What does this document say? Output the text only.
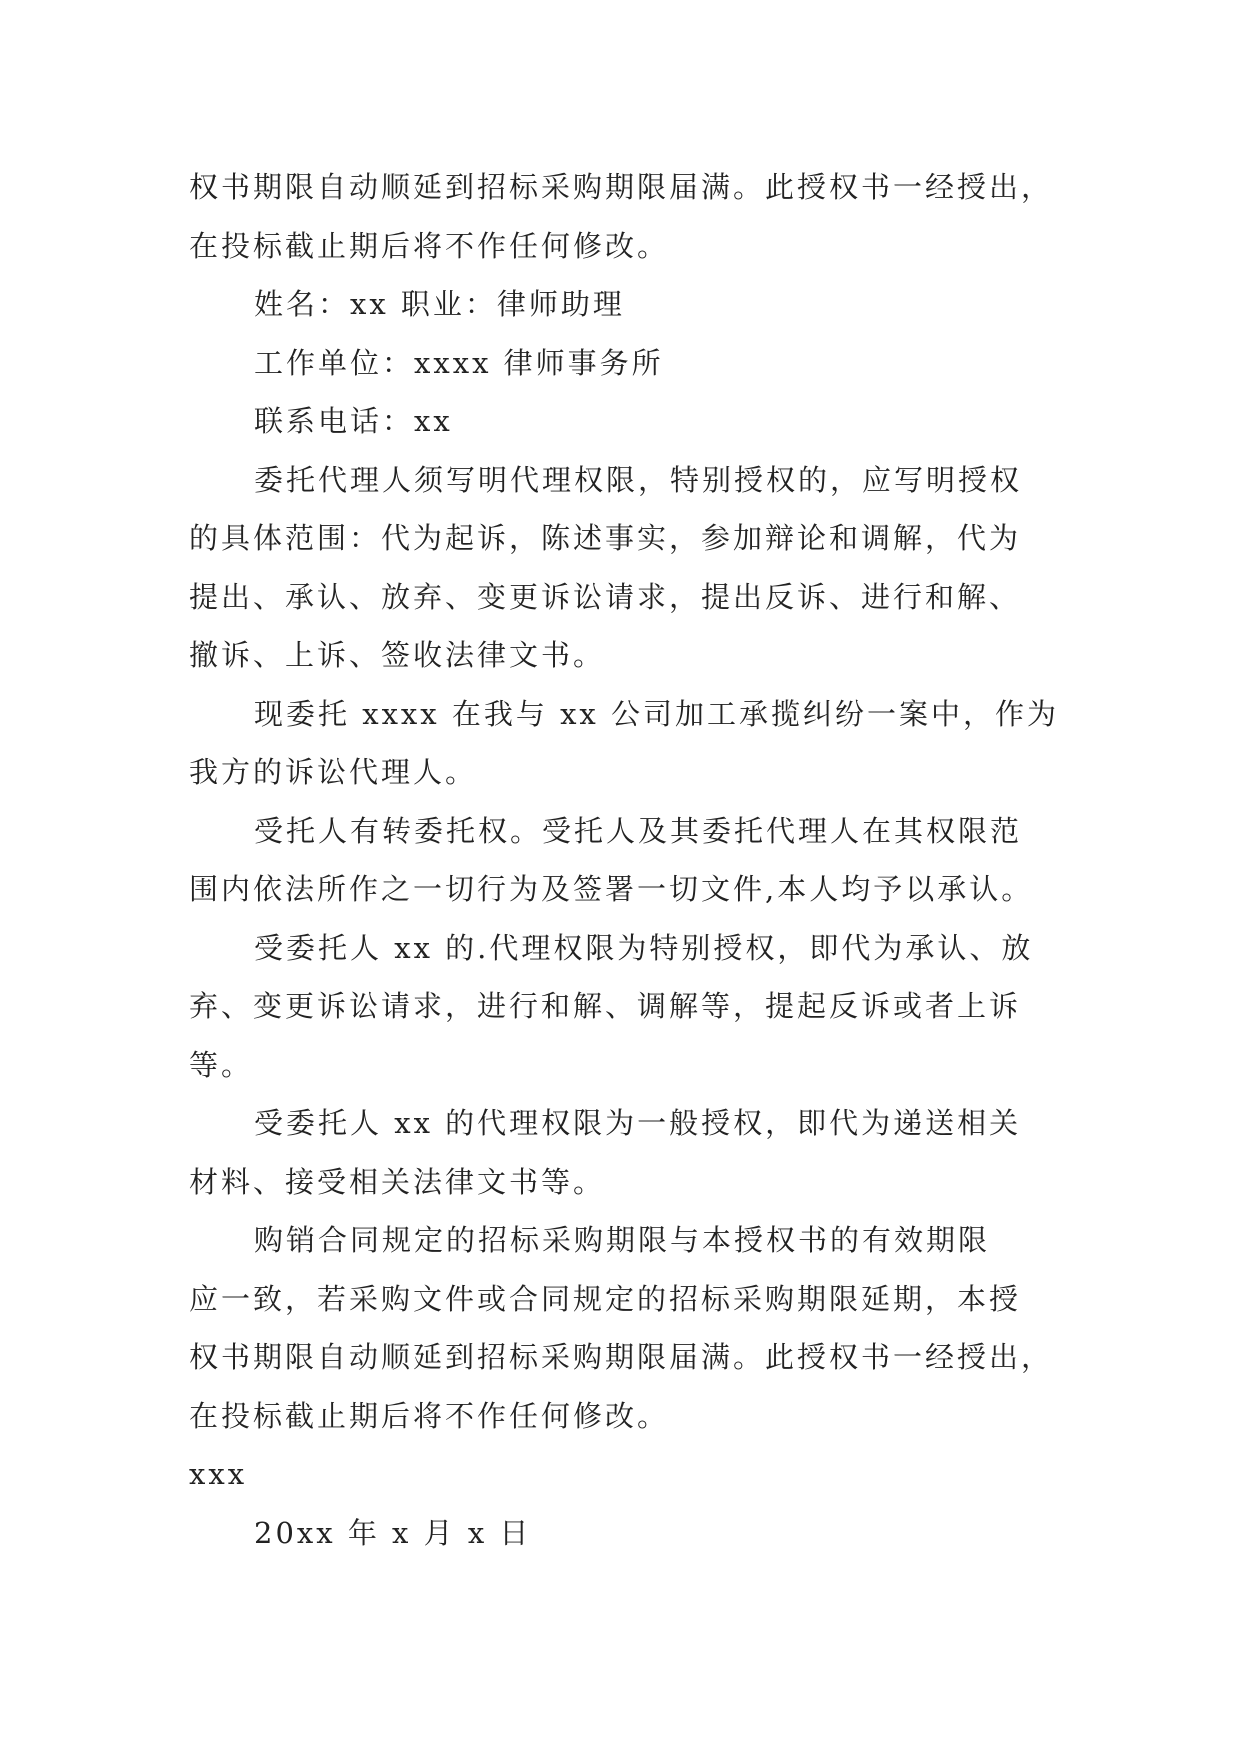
权书期限自动顺延到招标采购期限届满。此授权书一经授出，
在投标截止期后将不作任何修改。
姓名：xx 职业：律师助理
工作单位：xxxx 律师事务所
联系电话：xx
委托代理人须写明代理权限，特别授权的，应写明授权
的具体范围：代为起诉，陈述事实，参加辩论和调解，代为
提出、承认、放弃、变更诉讼请求，提出反诉、进行和解、
撤诉、上诉、签收法律文书。
现委托 xxxx 在我与 xx 公司加工承揽纠纷一案中，作为
我方的诉讼代理人。
受托人有转委托权。受托人及其委托代理人在其权限范
围内依法所作之一切行为及签署一切文件,本人均予以承认。
受委托人 xx 的.代理权限为特别授权，即代为承认、放
弃、变更诉讼请求，进行和解、调解等，提起反诉或者上诉
等。
受委托人 xx 的代理权限为一般授权，即代为递送相关
材料、接受相关法律文书等。
购销合同规定的招标采购期限与本授权书的有效期限
应一致，若采购文件或合同规定的招标采购期限延期，本授
权书期限自动顺延到招标采购期限届满。此授权书一经授出，
在投标截止期后将不作任何修改。
xxx
20xx 年 x 月 x 日
